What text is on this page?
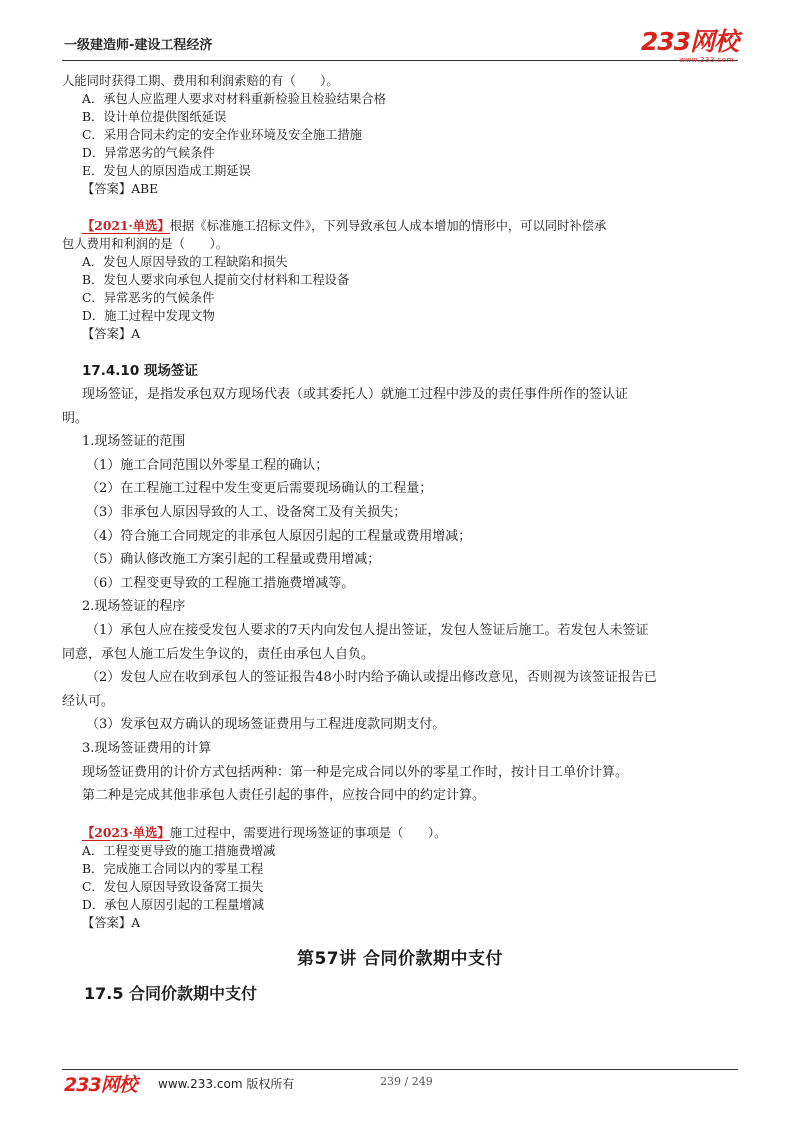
一级建造师-建设工程经济	233网校
www.233.com
人能同时获得工期、费用和利润索赔的有（　　）。
A．承包人应监理人要求对材料重新检验且检验结果合格
B．设计单位提供图纸延误
C．采用合同未约定的安全作业环境及安全施工措施
D．异常恶劣的气候条件
E．发包人的原因造成工期延误
【答案】ABE
【2021·单选】根据《标准施工招标文件》，下列导致承包人成本增加的情形中，可以同时补偿承
包人费用和利润的是（　　）。
A．发包人原因导致的工程缺陷和损失
B．发包人要求向承包人提前交付材料和工程设备
C．异常恶劣的气候条件
D．施工过程中发现文物
【答案】A
17.4.10 现场签证
现场签证，是指发承包双方现场代表（或其委托人）就施工过程中涉及的责任事件所作的签认证
明。
1.现场签证的范围
（1）施工合同范围以外零星工程的确认；
（2）在工程施工过程中发生变更后需要现场确认的工程量；
（3）非承包人原因导致的人工、设备窝工及有关损失；
（4）符合施工合同规定的非承包人原因引起的工程量或费用增减；
（5）确认修改施工方案引起的工程量或费用增减；
（6）工程变更导致的工程施工措施费增减等。
2.现场签证的程序
（1）承包人应在接受发包人要求的7天内向发包人提出签证，发包人签证后施工。若发包人未签证
同意，承包人施工后发生争议的，责任由承包人自负。
（2）发包人应在收到承包人的签证报告48小时内给予确认或提出修改意见，否则视为该签证报告已
经认可。
（3）发承包双方确认的现场签证费用与工程进度款同期支付。
3.现场签证费用的计算
现场签证费用的计价方式包括两种：第一种是完成合同以外的零星工作时，按计日工单价计算。
第二种是完成其他非承包人责任引起的事件，应按合同中的约定计算。
【2023·单选】施工过程中，需要进行现场签证的事项是（　　）。
A．工程变更导致的施工措施费增减
B．完成施工合同以内的零星工程
C．发包人原因导致设备窝工损失
D．承包人原因引起的工程量增减
【答案】A
第57讲 合同价款期中支付
17.5 合同价款期中支付
233网校 www.233.com 版权所有	239 / 249
